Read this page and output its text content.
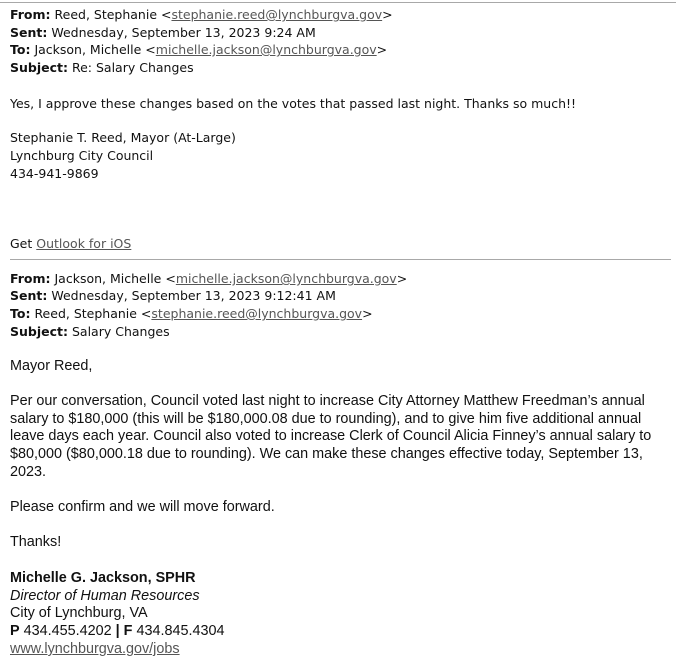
From: Reed, Stephanie <stephanie.reed@lynchburgva.gov>
Sent: Wednesday, September 13, 2023 9:24 AM
To: Jackson, Michelle <michelle.jackson@lynchburgva.gov>
Subject: Re: Salary Changes
Yes, I approve these changes based on the votes that passed last night. Thanks so much!!
Stephanie T. Reed, Mayor (At-Large)
Lynchburg City Council
434-941-9869
Get Outlook for iOS
From: Jackson, Michelle <michelle.jackson@lynchburgva.gov>
Sent: Wednesday, September 13, 2023 9:12:41 AM
To: Reed, Stephanie <stephanie.reed@lynchburgva.gov>
Subject: Salary Changes
Mayor Reed,
Per our conversation, Council voted last night to increase City Attorney Matthew Freedman’s annual salary to $180,000 (this will be $180,000.08 due to rounding), and to give him five additional annual leave days each year. Council also voted to increase Clerk of Council Alicia Finney’s annual salary to $80,000 ($80,000.18 due to rounding). We can make these changes effective today, September 13, 2023.
Please confirm and we will move forward.
Thanks!
Michelle G. Jackson, SPHR
Director of Human Resources
City of Lynchburg, VA
P 434.455.4202 | F 434.845.4304
www.lynchburgva.gov/jobs
